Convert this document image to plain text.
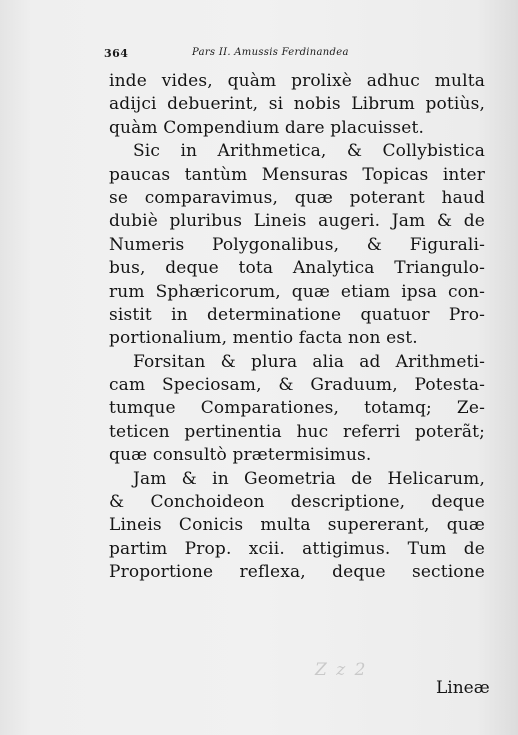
364	Pars II. Amussis Ferdinandea
inde vides, quàm prolixè adhuc multa
adijci debuerint, si nobis Librum potiùs,
quàm Compendium dare placuisset.
Sic in Arithmetica, & Collybistica
paucas tantùm Mensuras Topicas inter
se comparavimus, quæ poterant haud
dubiè pluribus Lineis augeri. Jam & de
Numeris Polygonalibus, & Figurali-
bus, deque tota Analytica Triangulo-
rum Sphæricorum, quæ etiam ipsa con-
sistit in determinatione quatuor Pro-
portionalium, mentio facta non est.
Forsitan & plura alia ad Arithmeti-
cam Speciosam, & Graduum, Potesta-
tumque Comparationes, totamq; Ze-
teticen pertinentia huc referri poterãt;
quæ consultò prætermisimus.
Jam & in Geometria de Helicarum,
& Conchoideon descriptione, deque
Lineis Conicis multa supererant, quæ
partim Prop. xcii. attigimus. Tum de
Proportione reflexa, deque sectione
Z z 2
Lineæ
